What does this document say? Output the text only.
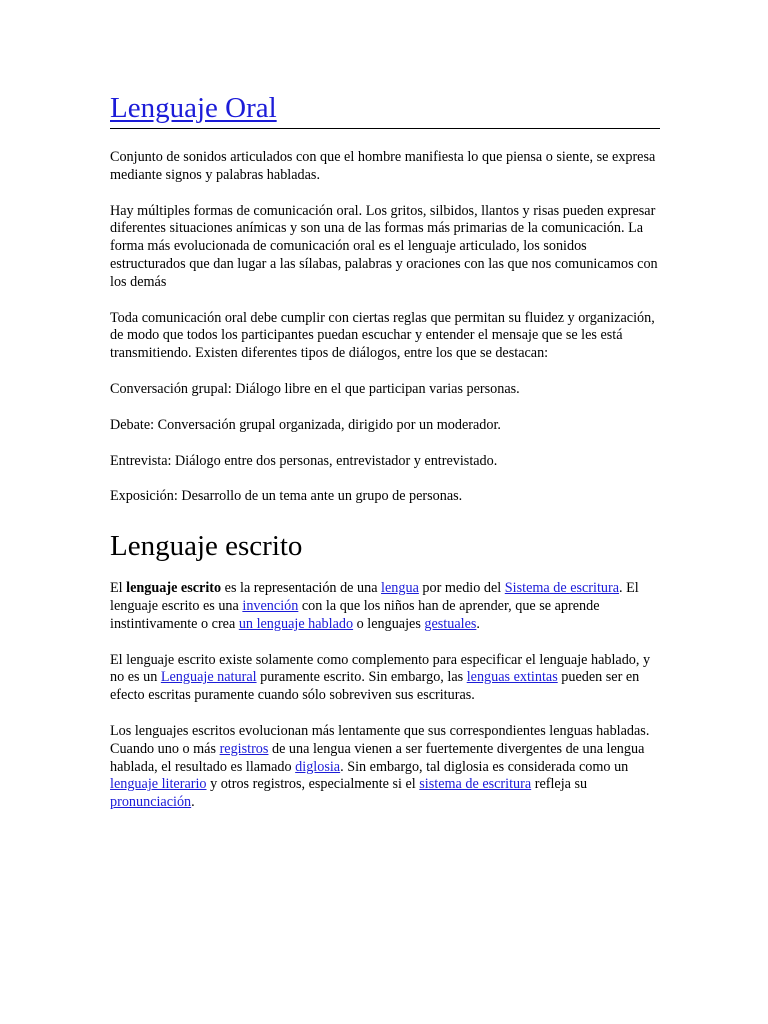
Lenguaje Oral

Conjunto de sonidos articulados con que el hombre manifiesta lo que piensa o siente, se expresa mediante signos y palabras habladas.

Hay múltiples formas de comunicación oral. Los gritos, silbidos, llantos y risas pueden expresar diferentes situaciones anímicas y son una de las formas más primarias de la comunicación. La forma más evolucionada de comunicación oral es el lenguaje articulado, los sonidos estructurados que dan lugar a las sílabas, palabras y oraciones con las que nos comunicamos con los demás

Toda comunicación oral debe cumplir con ciertas reglas que permitan su fluidez y organización, de modo que todos los participantes puedan escuchar y entender el mensaje que se les está transmitiendo. Existen diferentes tipos de diálogos, entre los que se destacan:

Conversación grupal: Diálogo libre en el que participan varias personas.

Debate: Conversación grupal organizada, dirigido por un moderador.

Entrevista: Diálogo entre dos personas, entrevistador y entrevistado.

Exposición: Desarrollo de un tema ante un grupo de personas.

Lenguaje escrito

El lenguaje escrito es la representación de una lengua por medio del Sistema de escritura. El lenguaje escrito es una invención con la que los niños han de aprender, que se aprende instintivamente o crea un lenguaje hablado o lenguajes gestuales.

El lenguaje escrito existe solamente como complemento para especificar el lenguaje hablado, y no es un Lenguaje natural puramente escrito. Sin embargo, las lenguas extintas pueden ser en efecto escritas puramente cuando sólo sobreviven sus escrituras.

Los lenguajes escritos evolucionan más lentamente que sus correspondientes lenguas habladas. Cuando uno o más registros de una lengua vienen a ser fuertemente divergentes de una lengua hablada, el resultado es llamado diglosia. Sin embargo, tal diglosia es considerada como un lenguaje literario y otros registros, especialmente si el sistema de escritura refleja su pronunciación.
